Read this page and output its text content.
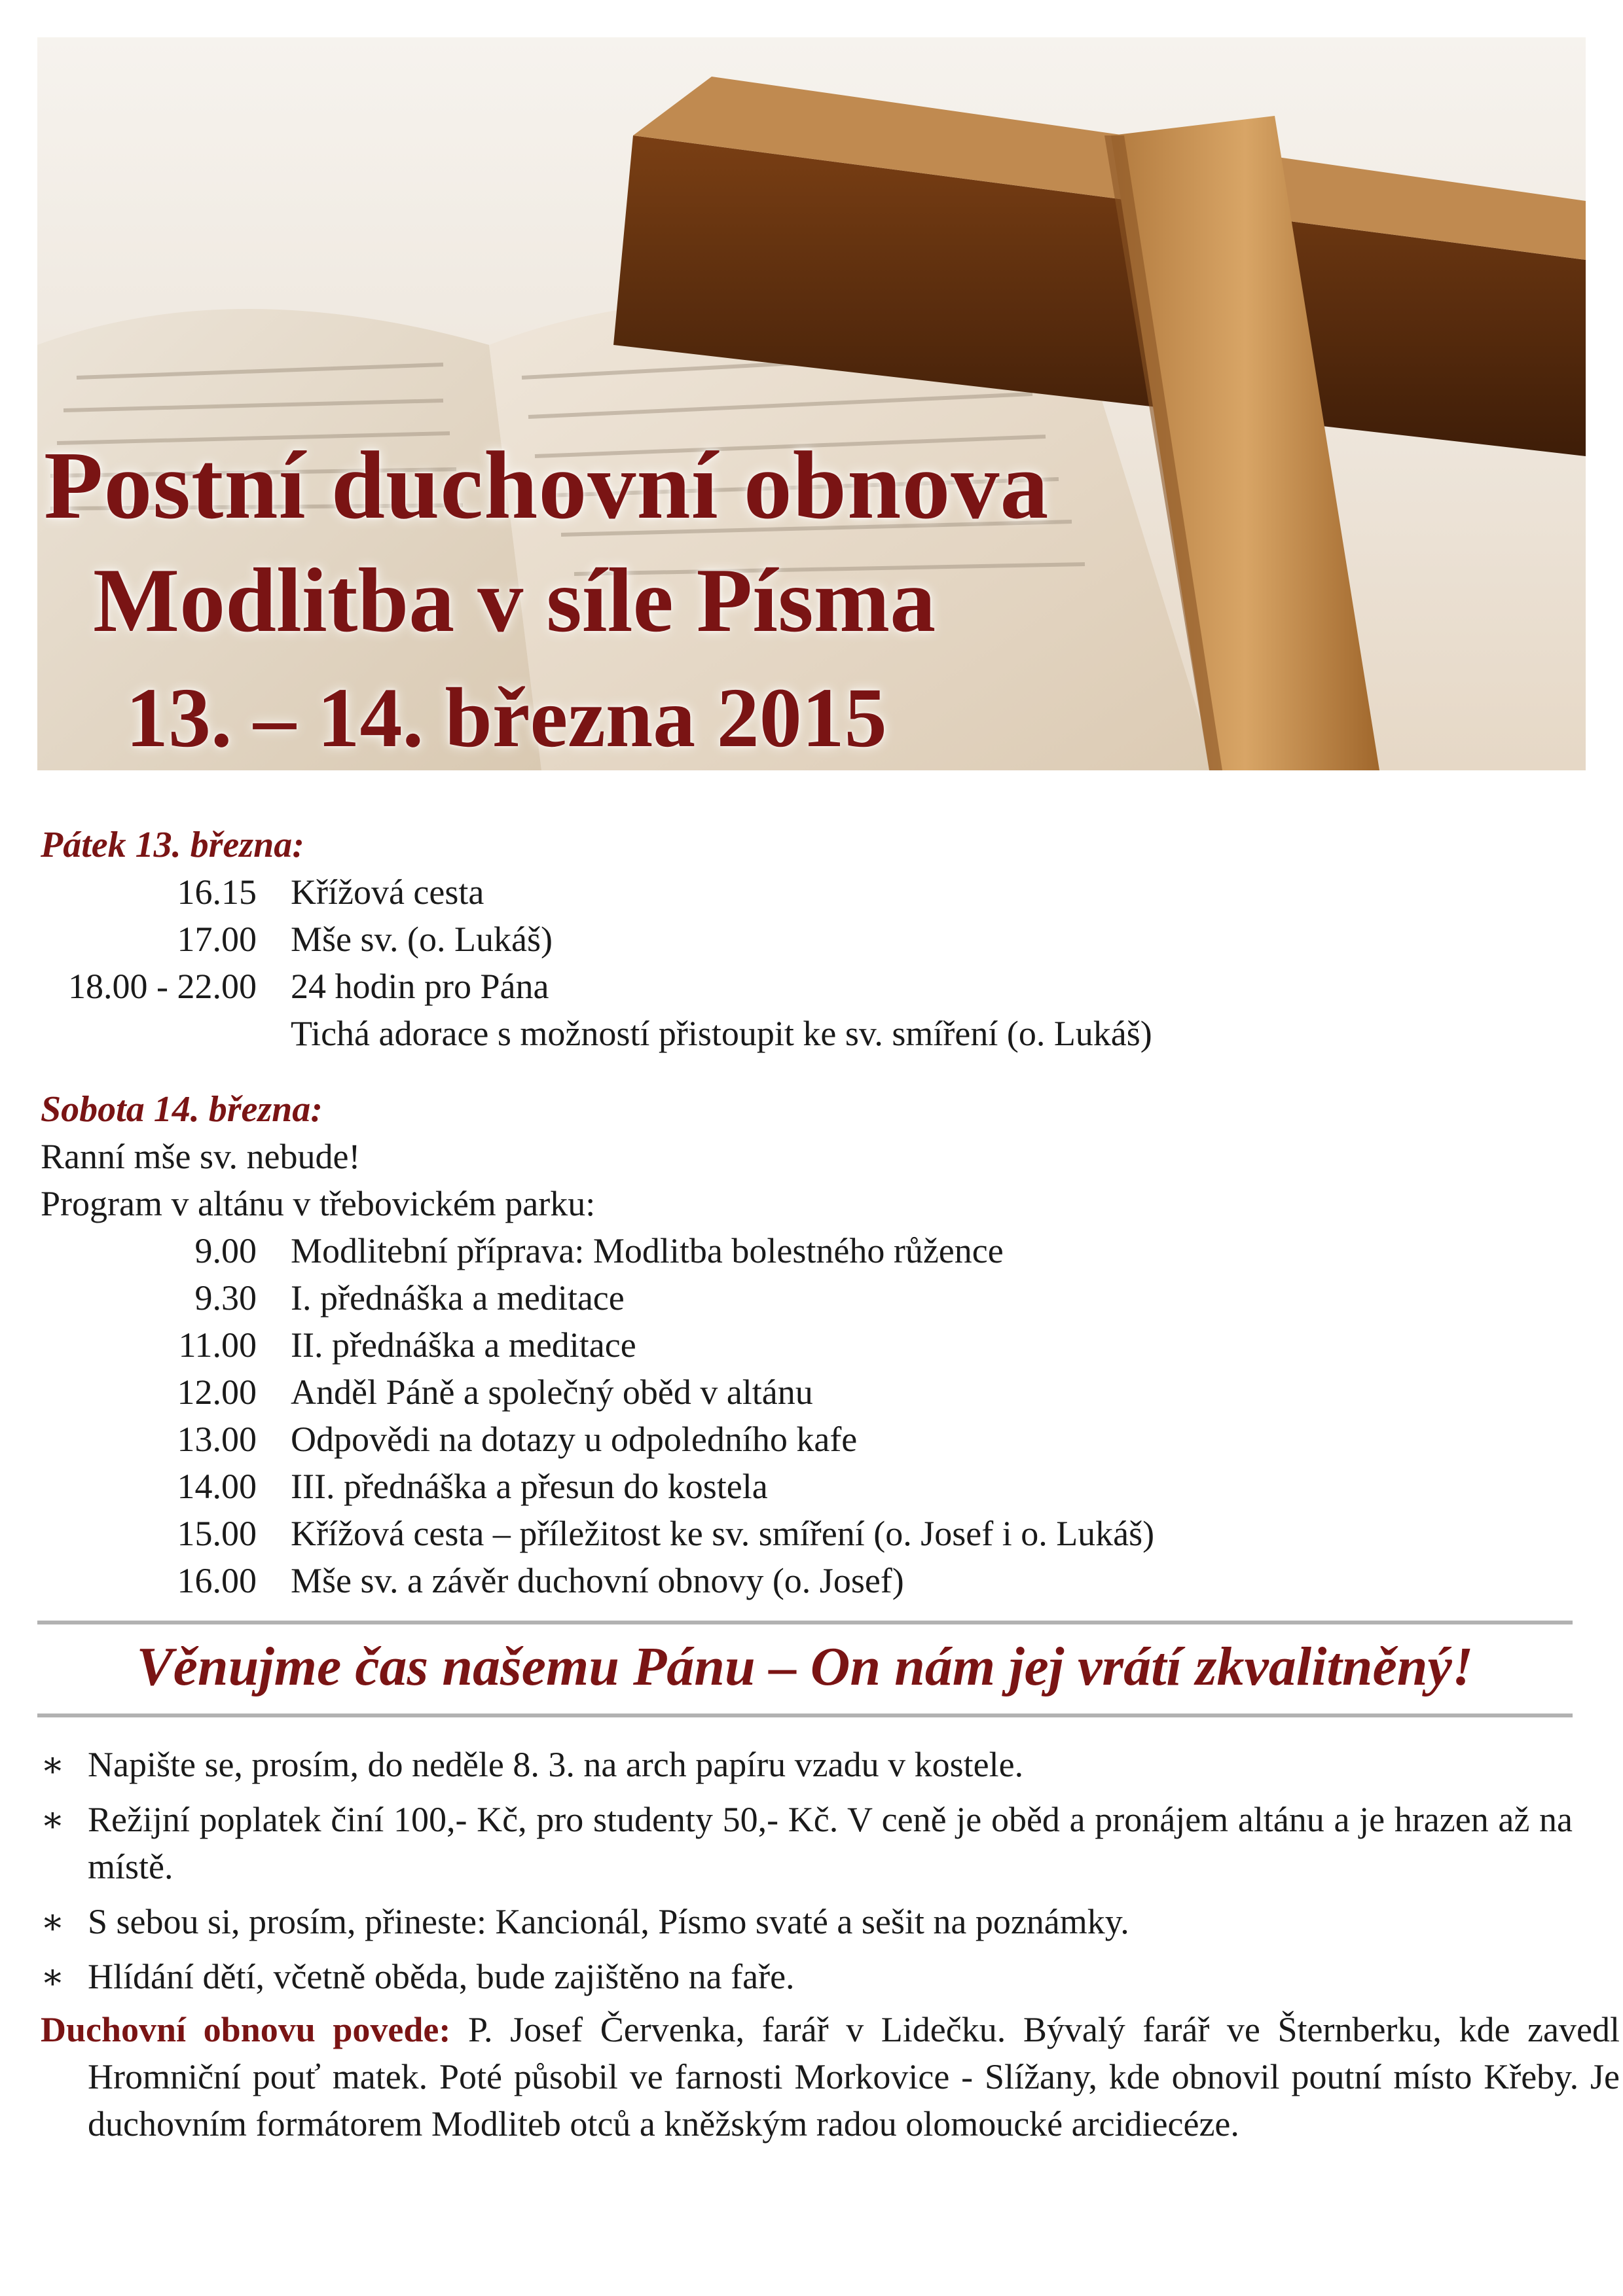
Postní duchovní obnova
Modlitba v síle Písma
13. – 14. března 2015

Pátek 13. března:

16.15 Křížová cesta
17.00 Mše sv. (o. Lukáš)
18.00 - 22.00 24 hodin pro Pána
Tichá adorace s možností přistoupit ke sv. smíření (o. Lukáš)

Sobota 14. března:

Ranní mše sv. nebude!
Program v altánu v třebovickém parku:
9.00 Modlitební příprava: Modlitba bolestného růžence
9.30 I. přednáška a meditace
11.00 II. přednáška a meditace
12.00 Anděl Páně a společný oběd v altánu
13.00 Odpovědi na dotazy u odpoledního kafe
14.00 III. přednáška a přesun do kostela
15.00 Křížová cesta – příležitost ke sv. smíření (o. Josef i o. Lukáš)
16.00 Mše sv. a závěr duchovní obnovy (o. Josef)

Věnujme čas našemu Pánu – On nám jej vrátí zkvalitněný!

∗ Napište se, prosím, do neděle 8. 3. na arch papíru vzadu v kostele.
∗ Režijní poplatek činí 100,- Kč, pro studenty 50,- Kč. V ceně je oběd a pronájem altánu a je hrazen až na místě.
∗ S sebou si, prosím, přineste: Kancionál, Písmo svaté a sešit na poznámky.
∗ Hlídání dětí, včetně oběda, bude zajištěno na faře.

Duchovní obnovu povede: P. Josef Červenka, farář v Lidečku. Bývalý farář ve Šternberku, kde zavedl Hromniční pouť matek. Poté působil ve farnosti Morkovice - Slížany, kde obnovil poutní místo Křeby. Je duchovním formátorem Modliteb otců a kněžským radou olomoucké arcidiecéze.
